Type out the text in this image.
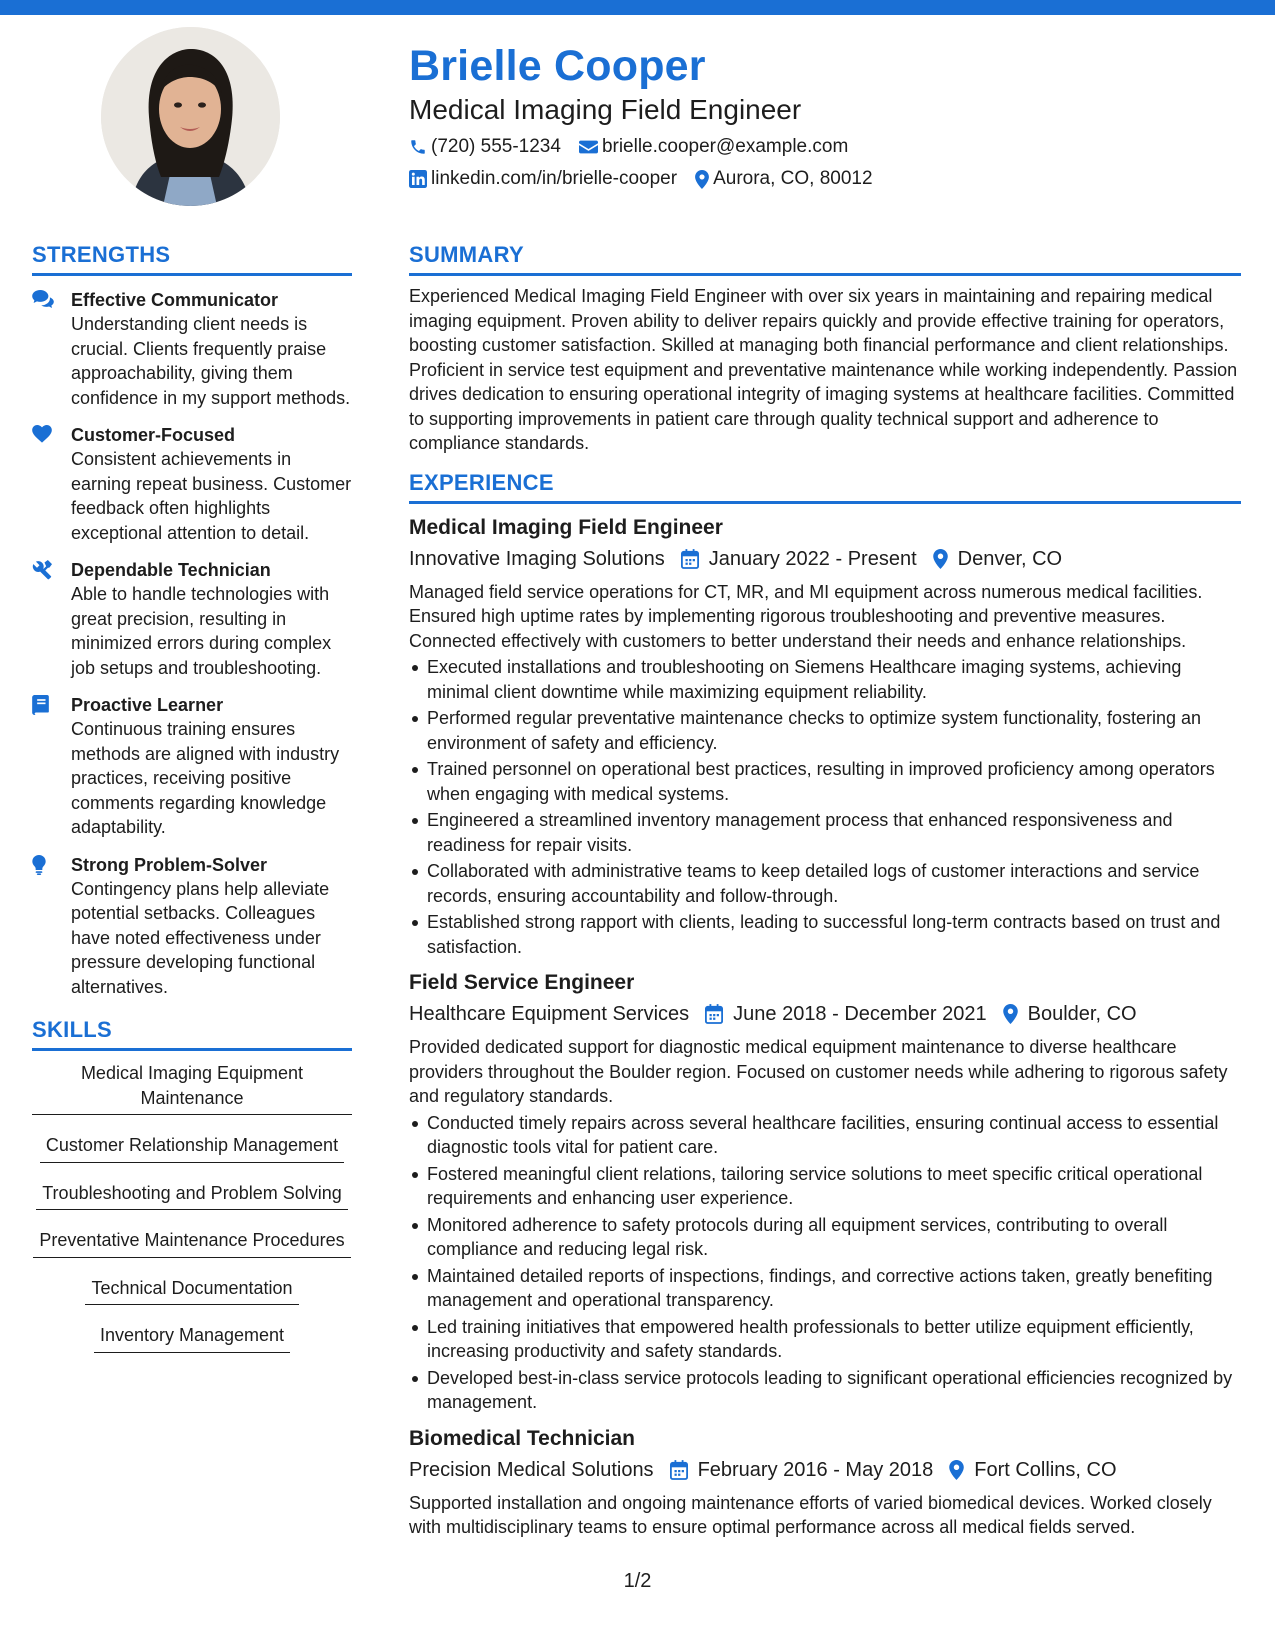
Brielle Cooper
Medical Imaging Field Engineer
(720) 555-1234 brielle.cooper@example.com
linkedin.com/in/brielle-cooper Aurora, CO, 80012
STRENGTHS
Effective Communicator
Understanding client needs is crucial. Clients frequently praise approachability, giving them confidence in my support methods.
Customer-Focused
Consistent achievements in earning repeat business. Customer feedback often highlights exceptional attention to detail.
Dependable Technician
Able to handle technologies with great precision, resulting in minimized errors during complex job setups and troubleshooting.
Proactive Learner
Continuous training ensures methods are aligned with industry practices, receiving positive comments regarding knowledge adaptability.
Strong Problem-Solver
Contingency plans help alleviate potential setbacks. Colleagues have noted effectiveness under pressure developing functional alternatives.
SKILLS
Medical Imaging Equipment Maintenance
Customer Relationship Management
Troubleshooting and Problem Solving
Preventative Maintenance Procedures
Technical Documentation
Inventory Management
SUMMARY
Experienced Medical Imaging Field Engineer with over six years in maintaining and repairing medical imaging equipment. Proven ability to deliver repairs quickly and provide effective training for operators, boosting customer satisfaction. Skilled at managing both financial performance and client relationships. Proficient in service test equipment and preventative maintenance while working independently. Passion drives dedication to ensuring operational integrity of imaging systems at healthcare facilities. Committed to supporting improvements in patient care through quality technical support and adherence to compliance standards.
EXPERIENCE
Medical Imaging Field Engineer
Innovative Imaging Solutions January 2022 - Present Denver, CO
Managed field service operations for CT, MR, and MI equipment across numerous medical facilities. Ensured high uptime rates by implementing rigorous troubleshooting and preventive measures. Connected effectively with customers to better understand their needs and enhance relationships.
Executed installations and troubleshooting on Siemens Healthcare imaging systems, achieving minimal client downtime while maximizing equipment reliability.
Performed regular preventative maintenance checks to optimize system functionality, fostering an environment of safety and efficiency.
Trained personnel on operational best practices, resulting in improved proficiency among operators when engaging with medical systems.
Engineered a streamlined inventory management process that enhanced responsiveness and readiness for repair visits.
Collaborated with administrative teams to keep detailed logs of customer interactions and service records, ensuring accountability and follow-through.
Established strong rapport with clients, leading to successful long-term contracts based on trust and satisfaction.
Field Service Engineer
Healthcare Equipment Services June 2018 - December 2021 Boulder, CO
Provided dedicated support for diagnostic medical equipment maintenance to diverse healthcare providers throughout the Boulder region. Focused on customer needs while adhering to rigorous safety and regulatory standards.
Conducted timely repairs across several healthcare facilities, ensuring continual access to essential diagnostic tools vital for patient care.
Fostered meaningful client relations, tailoring service solutions to meet specific critical operational requirements and enhancing user experience.
Monitored adherence to safety protocols during all equipment services, contributing to overall compliance and reducing legal risk.
Maintained detailed reports of inspections, findings, and corrective actions taken, greatly benefiting management and operational transparency.
Led training initiatives that empowered health professionals to better utilize equipment efficiently, increasing productivity and safety standards.
Developed best-in-class service protocols leading to significant operational efficiencies recognized by management.
Biomedical Technician
Precision Medical Solutions February 2016 - May 2018 Fort Collins, CO
Supported installation and ongoing maintenance efforts of varied biomedical devices. Worked closely with multidisciplinary teams to ensure optimal performance across all medical fields served.
1/2
